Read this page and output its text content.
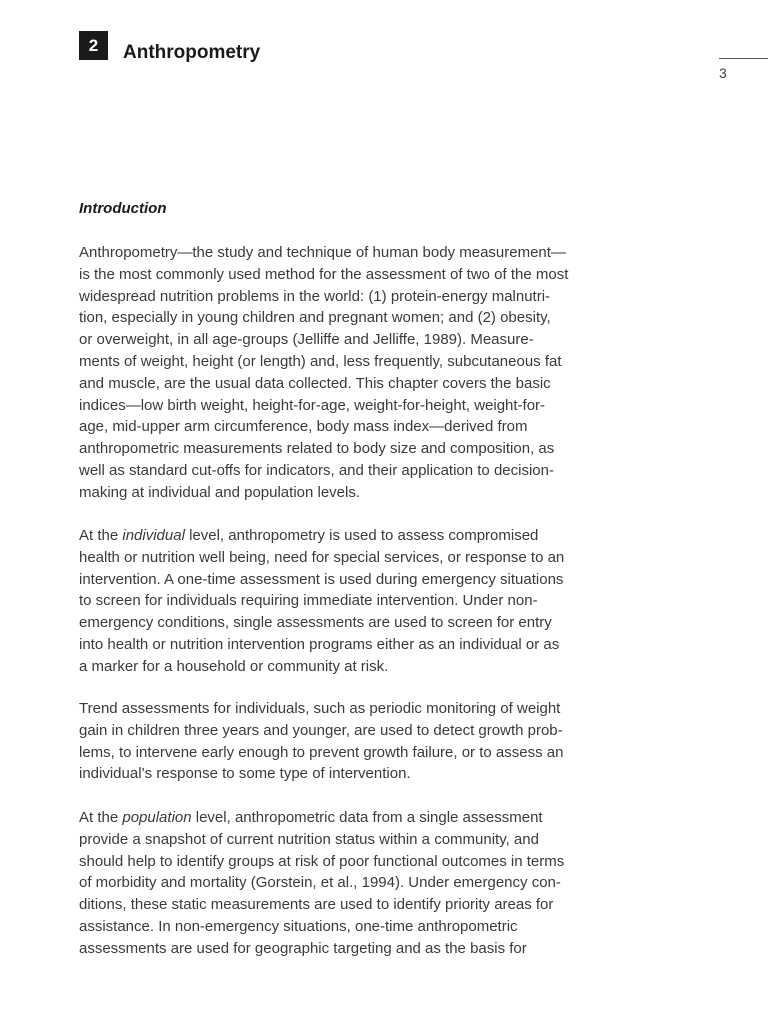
2	Anthropometry
3
Introduction
Anthropometry—the study and technique of human body measurement—
is the most commonly used method for the assessment of two of the most
widespread nutrition problems in the world: (1) protein-energy malnutri-
tion, especially in young children and pregnant women; and (2) obesity,
or overweight, in all age-groups (Jelliffe and Jelliffe, 1989). Measure-
ments of weight, height (or length) and, less frequently, subcutaneous fat
and muscle, are the usual data collected. This chapter covers the basic
indices—low birth weight, height-for-age, weight-for-height, weight-for-
age, mid-upper arm circumference, body mass index—derived from
anthropometric measurements related to body size and composition, as
well as standard cut-offs for indicators, and their application to decision-
making at individual and population levels.
At the individual level, anthropometry is used to assess compromised
health or nutrition well being, need for special services, or response to an
intervention. A one-time assessment is used during emergency situations
to screen for individuals requiring immediate intervention. Under non-
emergency conditions, single assessments are used to screen for entry
into health or nutrition intervention programs either as an individual or as
a marker for a household or community at risk.
Trend assessments for individuals, such as periodic monitoring of weight
gain in children three years and younger, are used to detect growth prob-
lems, to intervene early enough to prevent growth failure, or to assess an
individual’s response to some type of intervention.
At the population level, anthropometric data from a single assessment
provide a snapshot of current nutrition status within a community, and
should help to identify groups at risk of poor functional outcomes in terms
of morbidity and mortality (Gorstein, et al., 1994). Under emergency con-
ditions, these static measurements are used to identify priority areas for
assistance. In non-emergency situations, one-time anthropometric
assessments are used for geographic targeting and as the basis for
